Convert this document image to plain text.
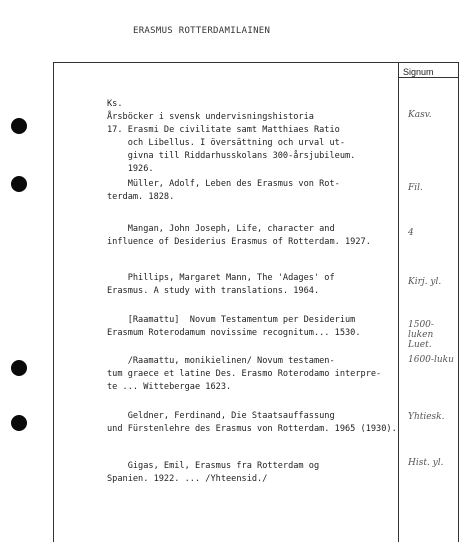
ERASMUS ROTTERDAMILAINEN
Signum
Ks.
Årsböcker i svensk undervisningshistoria
17. Erasmi De civilitate samt Matthiaes Ratio
och Libellus. I översättning och urval ut-
givna till Riddarhusskolans 300-årsjubileum.
1926.
Kasv.
Müller, Adolf, Leben des Erasmus von Rot-
terdam. 1828.
Fil.
Mangan, John Joseph, Life, character and
influence of Desiderius Erasmus of Rotterdam. 1927.
4
Phillips, Margaret Mann, The 'Adages' of
Erasmus. A study with translations. 1964.
Kirj. yl.
[Raamattu]  Novum Testamentum per Desiderium
Erasmum Roterodamum novissime recognitum... 1530.
1500-luken Luet.
/Raamattu, monikielinen/ Novum testamen-
tum graece et latine Des. Erasmo Roterodamo interpre-
te ... Wittebergae 1623.
1600-luku
Geldner, Ferdinand, Die Staatsauffassung
und Fürstenlehre des Erasmus von Rotterdam. 1965 (1930).
Yhtiesk.
Gigas, Emil, Erasmus fra Rotterdam og
Spanien. 1922. ... /Yhteensid./
Hist. yl.
